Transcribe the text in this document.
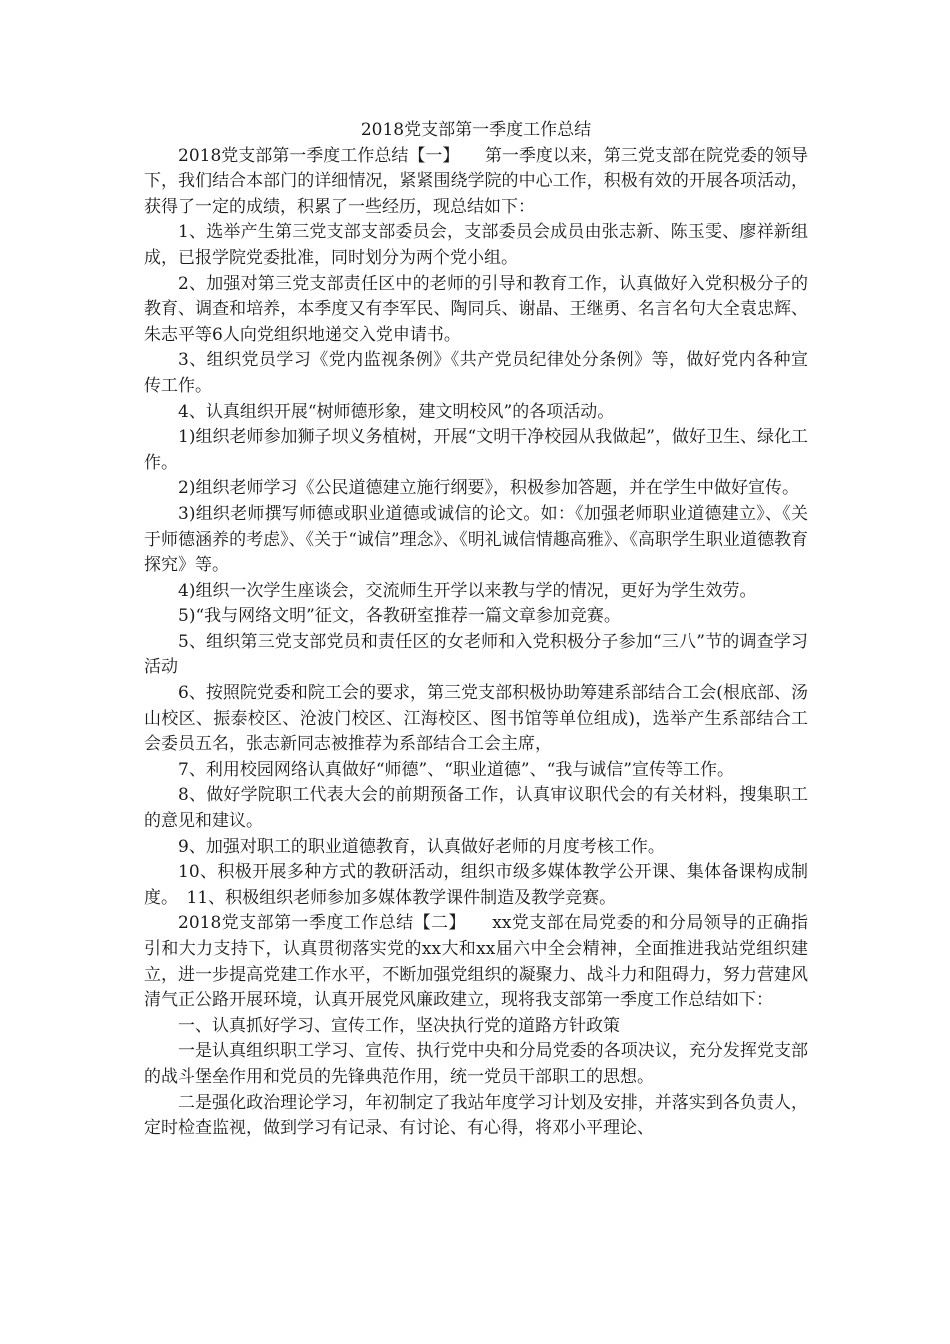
2018党支部第一季度工作总结

2018党支部第一季度工作总结【一】　　第一季度以来，第三党支部在院党委的领导下，我们结合本部门的详细情况，紧紧围绕学院的中心工作，积极有效的开展各项活动，获得了一定的成绩，积累了一些经历，现总结如下：

1、选举产生第三党支部支部委员会，支部委员会成员由张志新、陈玉雯、廖祥新组成，已报学院党委批准，同时划分为两个党小组。

2、加强对第三党支部责任区中的老师的引导和教育工作，认真做好入党积极分子的教育、调查和培养，本季度又有李军民、陶同兵、谢晶、王继勇、名言名句大全袁忠辉、朱志平等6人向党组织地递交入党申请书。

3、组织党员学习《党内监视条例》《共产党员纪律处分条例》等，做好党内各种宣传工作。

4、认真组织开展“树师德形象，建文明校风”的各项活动。

1)组织老师参加狮子坝义务植树，开展“文明干净校园从我做起”，做好卫生、绿化工作。

2)组织老师学习《公民道德建立施行纲要》，积极参加答题，并在学生中做好宣传。

3)组织老师撰写师德或职业道德或诚信的论文。如：《加强老师职业道德建立》、《关于师德涵养的考虑》、《关于“诚信”理念》、《明礼诚信情趣高雅》、《高职学生职业道德教育探究》等。

4)组织一次学生座谈会，交流师生开学以来教与学的情况，更好为学生效劳。

5)“我与网络文明”征文，各教研室推荐一篇文章参加竞赛。

5、组织第三党支部党员和责任区的女老师和入党积极分子参加“三八”节的调查学习活动

6、按照院党委和院工会的要求，第三党支部积极协助筹建系部结合工会(根底部、汤山校区、振泰校区、沧波门校区、江海校区、图书馆等单位组成)，选举产生系部结合工会委员五名，张志新同志被推荐为系部结合工会主席，

7、利用校园网络认真做好“师德”、“职业道德”、“我与诚信”宣传等工作。

8、做好学院职工代表大会的前期预备工作，认真审议职代会的有关材料，搜集职工的意见和建议。

9、加强对职工的职业道德教育，认真做好老师的月度考核工作。

10、积极开展多种方式的教研活动，组织市级多媒体教学公开课、集体备课构成制度。　11、积极组织老师参加多媒体教学课件制造及教学竞赛。

2018党支部第一季度工作总结【二】　　xx党支部在局党委的和分局领导的正确指引和大力支持下，认真贯彻落实党的xx大和xx届六中全会精神，全面推进我站党组织建立，进一步提高党建工作水平，不断加强党组织的凝聚力、战斗力和阻碍力，努力营建风清气正公路开展环境，认真开展党风廉政建立，现将我支部第一季度工作总结如下：

一、认真抓好学习、宣传工作，坚决执行党的道路方针政策

一是认真组织职工学习、宣传、执行党中央和分局党委的各项决议，充分发挥党支部的战斗堡垒作用和党员的先锋典范作用，统一党员干部职工的思想。

二是强化政治理论学习，年初制定了我站年度学习计划及安排，并落实到各负责人，定时检查监视，做到学习有记录、有讨论、有心得，将邓小平理论、
